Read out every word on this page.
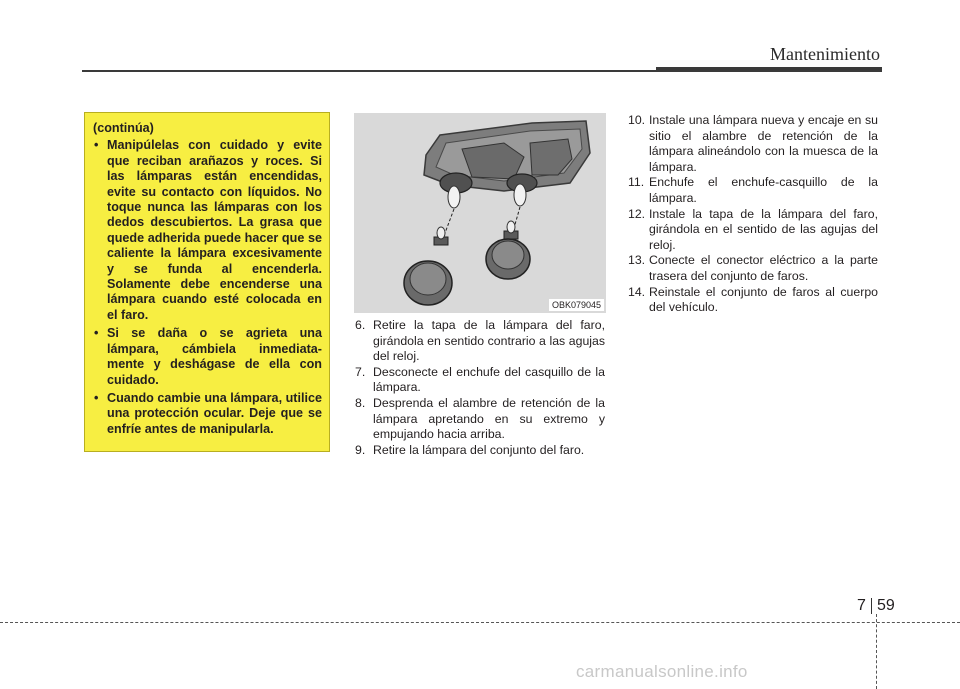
Mantenimiento
(continúa)
• Manipúlelas con cuidado y evite que reciban arañazos y roces. Si las lámparas están encendidas, evite su contacto con líquidos. No toque nunca las lámparas con los dedos descubiertos. La grasa que quede adherida puede hacer que se caliente la lámpara excesivamente y se funda al encenderla. Solamente debe encenderse una lámpara cuando esté colocada en el faro.
• Si se daña o se agrieta una lámpara, cámbiela inmediata- mente y deshágase de ella con cuidado.
• Cuando cambie una lámpara, utilice una protección ocular. Deje que se enfríe antes de manipularla.
OBK079045
6. Retire la tapa de la lámpara del faro, girándola en sentido contrario a las agujas del reloj.
7. Desconecte el enchufe del casquillo de la lámpara.
8. Desprenda el alambre de retención de la lámpara apretando en su extremo y empujando hacia arriba.
9. Retire la lámpara del conjunto del faro.
10. Instale una lámpara nueva y encaje en su sitio el alambre de retención de la lámpara alineándolo con la muesca de la lámpara.
11. Enchufe el enchufe-casquillo de la lámpara.
12. Instale la tapa de la lámpara del faro, girándola en el sentido de las agujas del reloj.
13. Conecte el conector eléctrico a la parte trasera del conjunto de faros.
14. Reinstale el conjunto de faros al cuerpo del vehículo.
7 59
carmanualsonline.info
